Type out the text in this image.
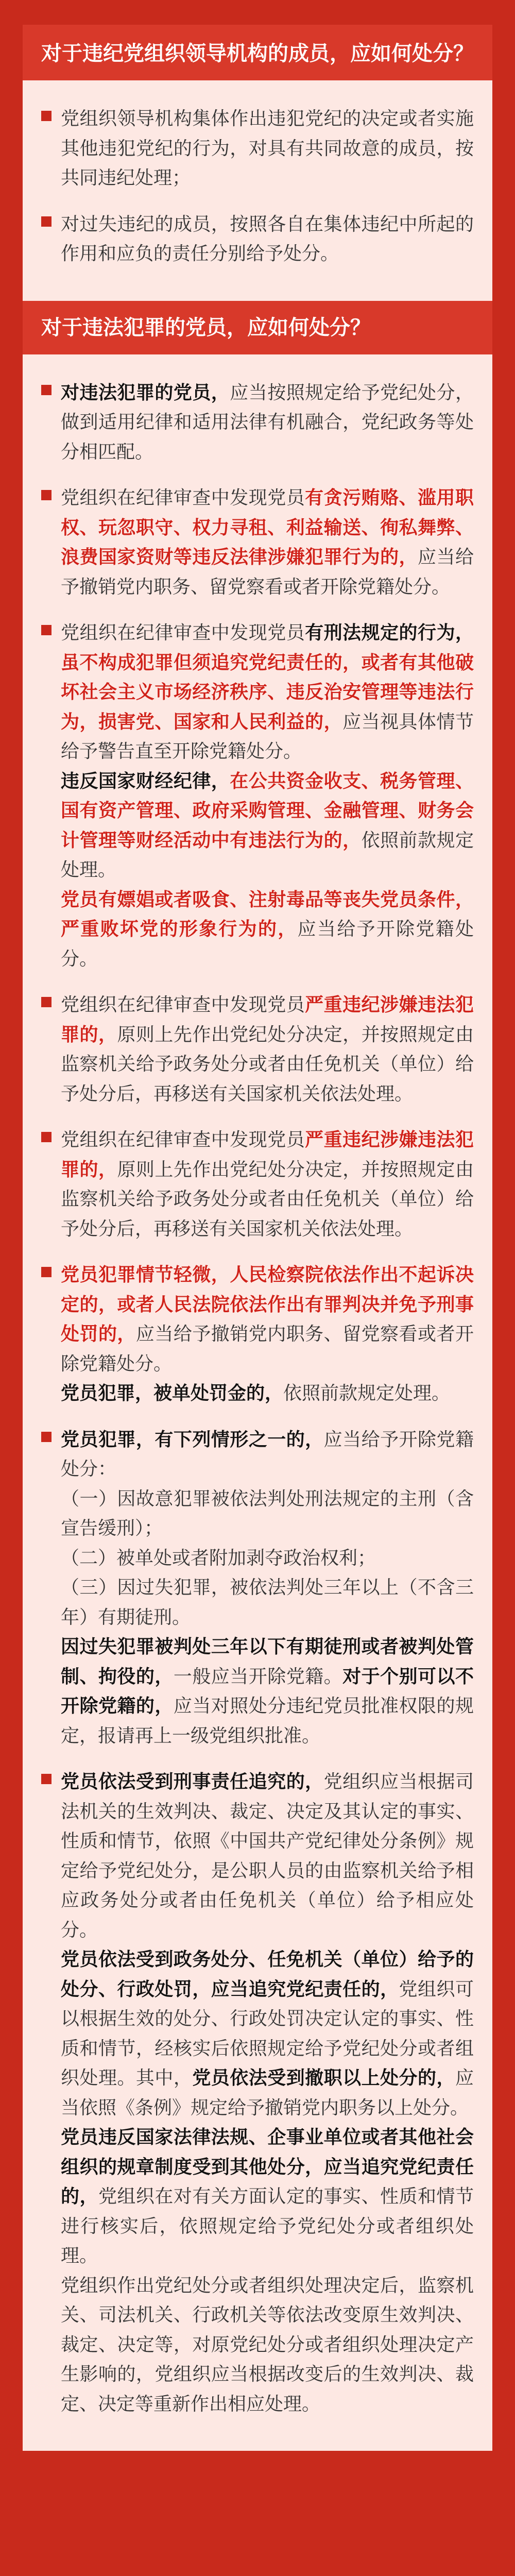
对于违纪党组织领导机构的成员，应如何处分？

党组织领导机构集体作出违犯党纪的决定或者实施其他违犯党纪的行为，对具有共同故意的成员，按共同违纪处理；

对过失违纪的成员，按照各自在集体违纪中所起的作用和应负的责任分别给予处分。

对于违法犯罪的党员，应如何处分？

对违法犯罪的党员，应当按照规定给予党纪处分，做到适用纪律和适用法律有机融合，党纪政务等处分相匹配。

党组织在纪律审查中发现党员有贪污贿赂、滥用职权、玩忽职守、权力寻租、利益输送、徇私舞弊、浪费国家资财等违反法律涉嫌犯罪行为的，应当给予撤销党内职务、留党察看或者开除党籍处分。

党组织在纪律审查中发现党员有刑法规定的行为，虽不构成犯罪但须追究党纪责任的，或者有其他破坏社会主义市场经济秩序、违反治安管理等违法行为，损害党、国家和人民利益的，应当视具体情节给予警告直至开除党籍处分。

违反国家财经纪律，在公共资金收支、税务管理、国有资产管理、政府采购管理、金融管理、财务会计管理等财经活动中有违法行为的，依照前款规定处理。

党员有嫖娼或者吸食、注射毒品等丧失党员条件，严重败坏党的形象行为的，应当给予开除党籍处分。

党组织在纪律审查中发现党员严重违纪涉嫌违法犯罪的，原则上先作出党纪处分决定，并按照规定由监察机关给予政务处分或者由任免机关（单位）给予处分后，再移送有关国家机关依法处理。

党组织在纪律审查中发现党员严重违纪涉嫌违法犯罪的，原则上先作出党纪处分决定，并按照规定由监察机关给予政务处分或者由任免机关（单位）给予处分后，再移送有关国家机关依法处理。

党员犯罪情节轻微，人民检察院依法作出不起诉决定的，或者人民法院依法作出有罪判决并免予刑事处罚的，应当给予撤销党内职务、留党察看或者开除党籍处分。

党员犯罪，被单处罚金的，依照前款规定处理。

党员犯罪，有下列情形之一的，应当给予开除党籍处分：

（一）因故意犯罪被依法判处刑法规定的主刑（含宣告缓刑）；

（二）被单处或者附加剥夺政治权利；

（三）因过失犯罪，被依法判处三年以上（不含三年）有期徒刑。

因过失犯罪被判处三年以下有期徒刑或者被判处管制、拘役的，一般应当开除党籍。对于个别可以不开除党籍的，应当对照处分违纪党员批准权限的规定，报请再上一级党组织批准。

党员依法受到刑事责任追究的，党组织应当根据司法机关的生效判决、裁定、决定及其认定的事实、性质和情节，依照《中国共产党纪律处分条例》规定给予党纪处分，是公职人员的由监察机关给予相应政务处分或者由任免机关（单位）给予相应处分。

党员依法受到政务处分、任免机关（单位）给予的处分、行政处罚，应当追究党纪责任的，党组织可以根据生效的处分、行政处罚决定认定的事实、性质和情节，经核实后依照规定给予党纪处分或者组织处理。其中，党员依法受到撤职以上处分的，应当依照《条例》规定给予撤销党内职务以上处分。

党员违反国家法律法规、企事业单位或者其他社会组织的规章制度受到其他处分，应当追究党纪责任的，党组织在对有关方面认定的事实、性质和情节进行核实后，依照规定给予党纪处分或者组织处理。

党组织作出党纪处分或者组织处理决定后，监察机关、司法机关、行政机关等依法改变原生效判决、裁定、决定等，对原党纪处分或者组织处理决定产生影响的，党组织应当根据改变后的生效判决、裁定、决定等重新作出相应处理。
